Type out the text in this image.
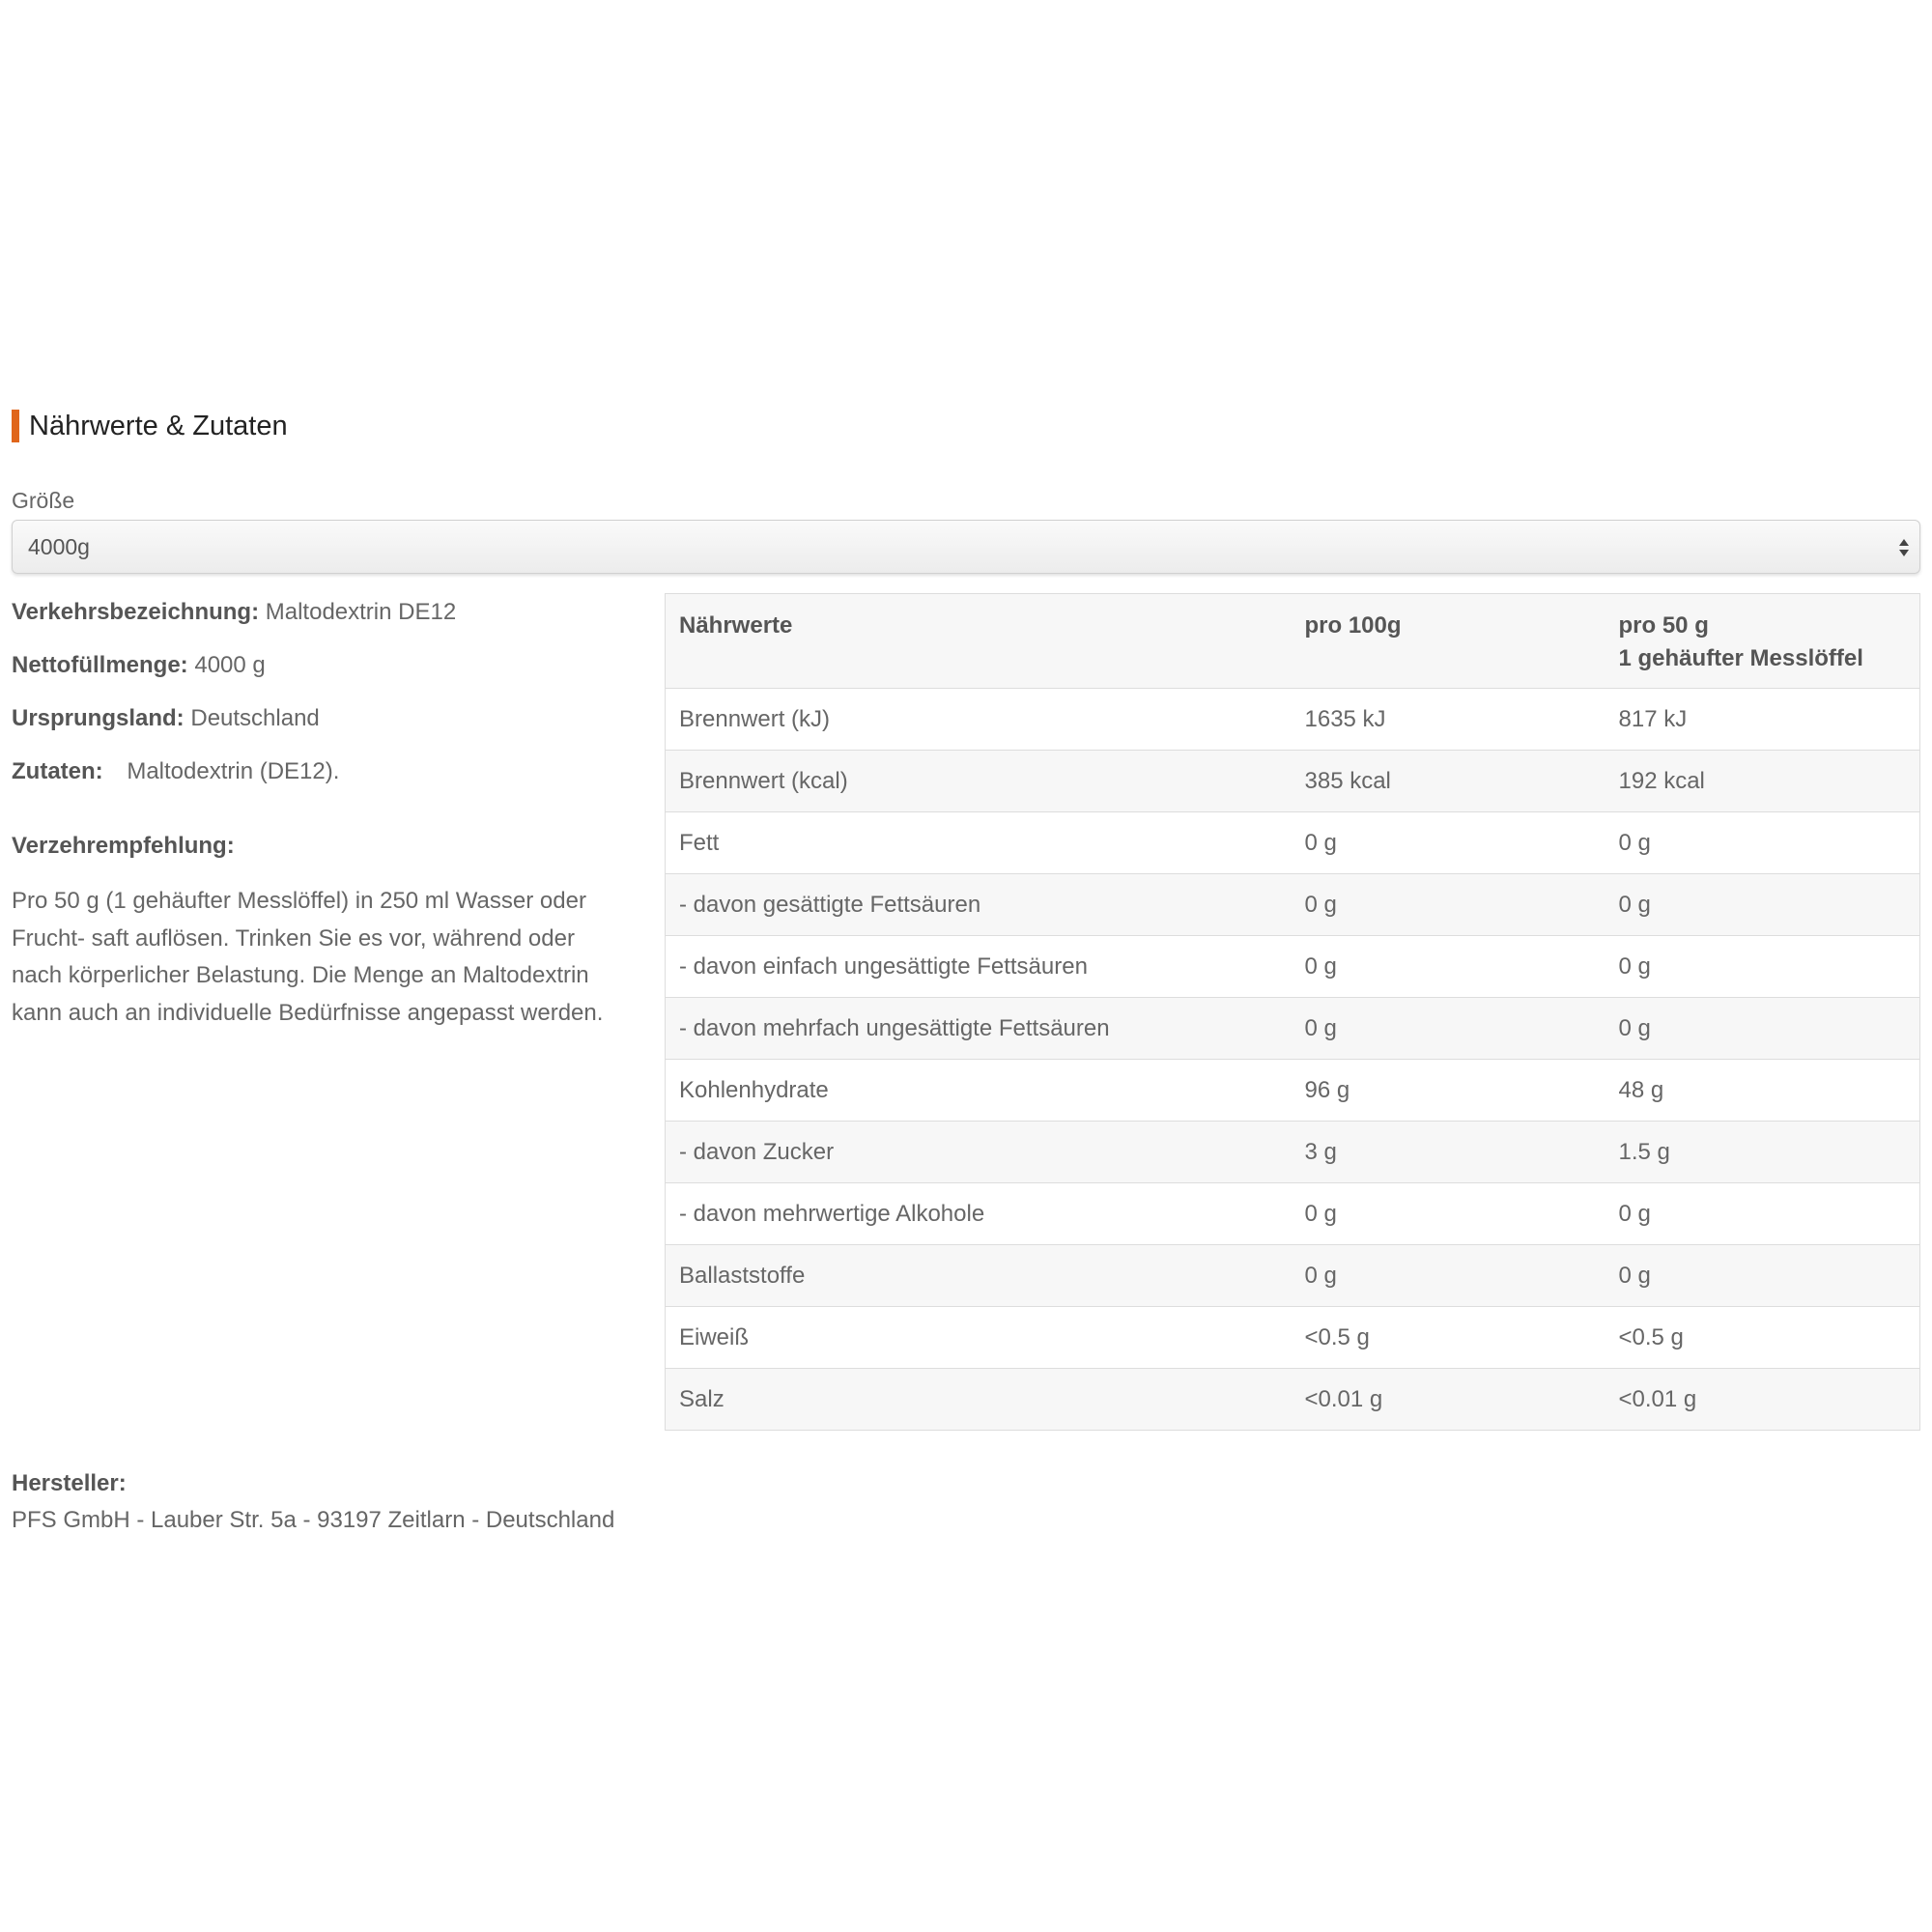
Nährwerte & Zutaten
Größe
4000g
Verkehrsbezeichnung: Maltodextrin DE12
Nettofüllmenge: 4000 g
Ursprungsland: Deutschland
Zutaten: Maltodextrin (DE12).
Verzehrempfehlung:
Pro 50 g (1 gehäufter Messlöffel) in 250 ml Wasser oder Frucht- saft auflösen. Trinken Sie es vor, während oder nach körperlicher Belastung. Die Menge an Maltodextrin kann auch an individuelle Bedürfnisse angepasst werden.
Nährwerte	pro 100g	pro 50 g
1 gehäufter Messlöffel

Brennwert (kJ)	1635 kJ	817 kJ
Brennwert (kcal)	385 kcal	192 kcal
Fett	0 g	0 g
- davon gesättigte Fettsäuren	0 g	0 g
- davon einfach ungesättigte Fettsäuren	0 g	0 g
- davon mehrfach ungesättigte Fettsäuren	0 g	0 g
Kohlenhydrate	96 g	48 g
- davon Zucker	3 g	1.5 g
- davon mehrwertige Alkohole	0 g	0 g
Ballaststoffe	0 g	0 g
Eiweiß	<0.5 g	<0.5 g
Salz	<0.01 g	<0.01 g
Hersteller:
PFS GmbH - Lauber Str. 5a - 93197 Zeitlarn - Deutschland
